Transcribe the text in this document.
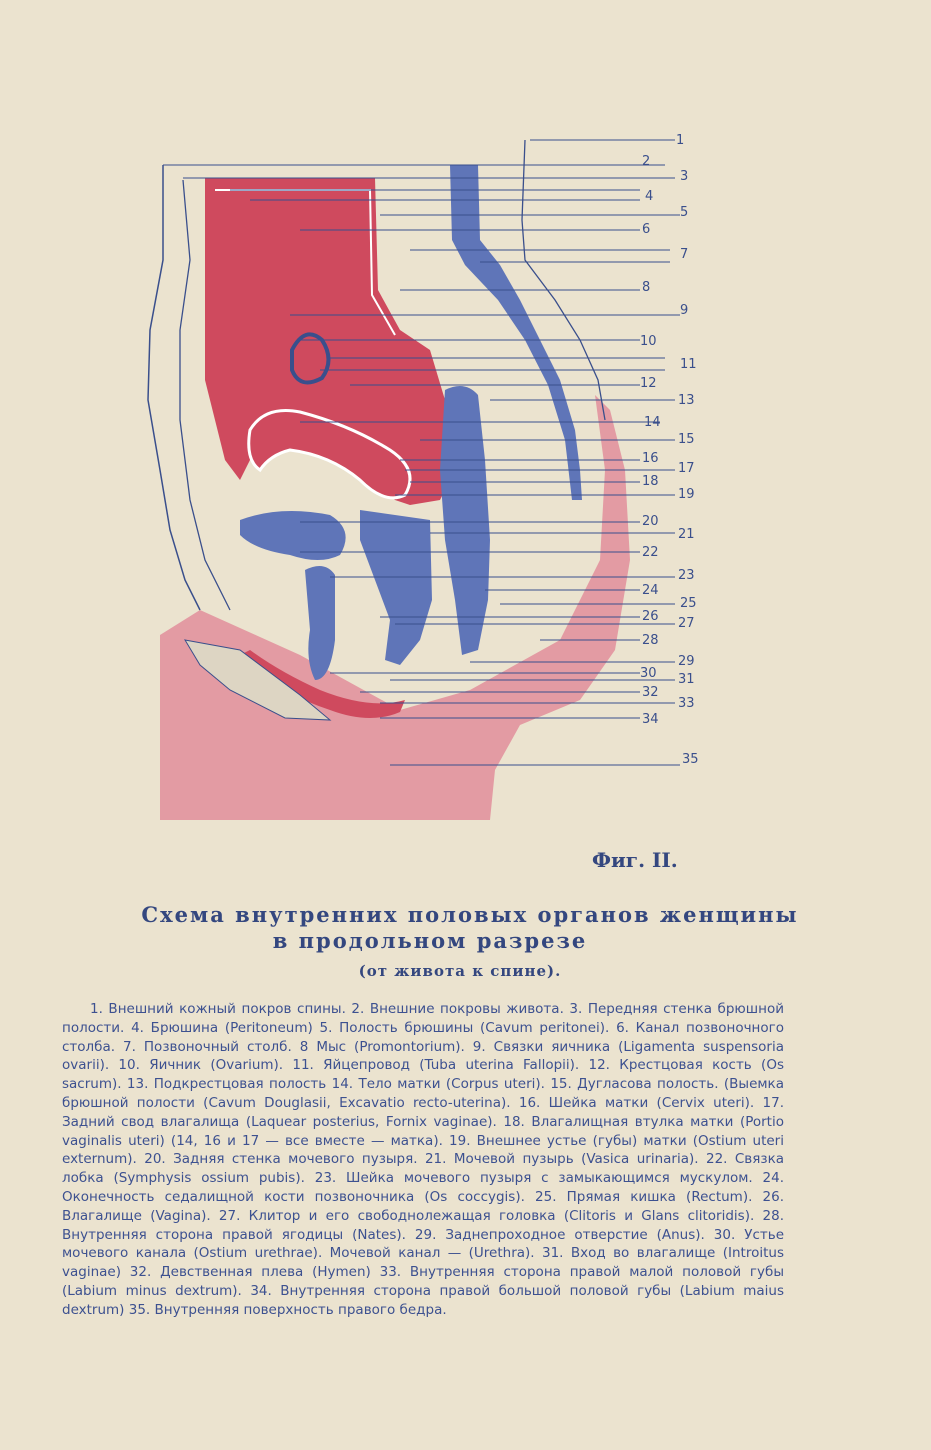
1
2
3
4
5
6
7
8
9
10
11
12
13
14
15
16
17
18
19
20
21
22
23
24
25
26 27
28
29
30 31
32
33
34
35
Фиг. II.
Схема внутренних половых органов женщины
в продольном разрезе
(от живота к спине).
1. Внешний кожный покров спины. 2. Внешние покровы живота. 3. Передняя стенка брюшной полости. 4. Брюшина (Peritoneum) 5. Полость брюшины (Cavum peritonei). 6. Канал позвоночного столба. 7. Позвоночный столб. 8 Мыс (Promontorium). 9. Связки яичника (Ligamenta suspensoria ovarii). 10. Яичник (Ovarium). 11. Яйцепровод (Tuba uterina Fallopii). 12. Крестцовая кость (Os sacrum). 13. Подкрестцовая полость 14. Тело матки (Corpus uteri). 15. Дугласова полость. (Выемка брюшной полости (Cavum Douglasii, Excavatio recto-uterina). 16. Шейка матки (Cervix uteri). 17. Задний свод влагалища (Laquear posterius, Fornix vaginae). 18. Влагалищная втулка матки (Portio vaginalis uteri) (14, 16 и 17 — все вместе — матка). 19. Внешнее устье (губы) матки (Ostium uteri externum). 20. Задняя стенка мочевого пузыря. 21. Мочевой пузырь (Vasica urinaria). 22. Связка лобка (Symphysis ossium pubis). 23. Шейка мочевого пузыря с замыкающимся мускулом. 24. Оконечность седалищной кости позвоночника (Os coccygis). 25. Прямая кишка (Rectum). 26. Влагалище (Vagina). 27. Клитор и его свободнолежащая головка (Clitoris и Glans clitoridis). 28. Внутренняя сторона правой ягодицы (Nates). 29. Заднепроходное отверстие (Anus). 30. Устье мочевого канала (Ostium urethrae). Мочевой канал — (Urethra). 31. Вход во влагалище (Introitus vaginae) 32. Девственная плева (Hymen) 33. Внутренняя сторона правой малой половой губы (Labium minus dextrum). 34. Внутренняя сторона правой большой половой губы (Labium maius dextrum) 35. Внутренняя поверхность правого бедра.
